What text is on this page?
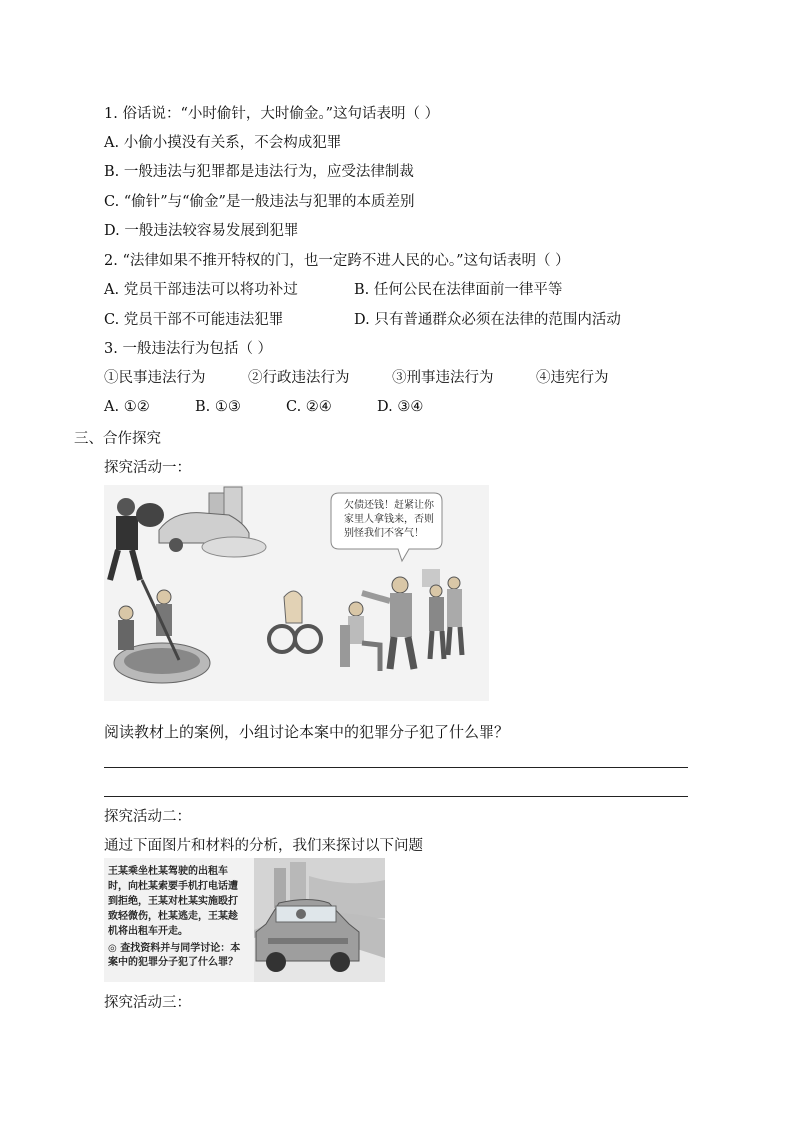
1. 俗话说：“小时偷针，大时偷金。”这句话表明（ ）
A. 小偷小摸没有关系，不会构成犯罪
B. 一般违法与犯罪都是违法行为，应受法律制裁
C. “偷针”与“偷金”是一般违法与犯罪的本质差别
D. 一般违法较容易发展到犯罪
2. “法律如果不推开特权的门，也一定跨不进人民的心。”这句话表明（ ）
A. 党员干部违法可以将功补过	B. 任何公民在法律面前一律平等
C. 党员干部不可能违法犯罪	D. 只有普通群众必须在法律的范围内活动
3. 一般违法行为包括（ ）
①民事违法行为	②行政违法行为	③刑事违法行为	④违宪行为
A. ①②	B. ①③	C. ②④	D. ③④
三、合作探究
探究活动一：
欠债还钱！赶紧让你家里人拿钱来，否则别怪我们不客气！
阅读教材上的案例，小组讨论本案中的犯罪分子犯了什么罪？
探究活动二：
通过下面图片和材料的分析，我们来探讨以下问题
王某乘坐杜某驾驶的出租车时，向杜某索要手机打电话遭到拒绝，王某对杜某实施殴打致轻微伤，杜某逃走，王某趁机将出租车开走。
◎ 查找资料并与同学讨论：本案中的犯罪分子犯了什么罪？
探究活动三：
